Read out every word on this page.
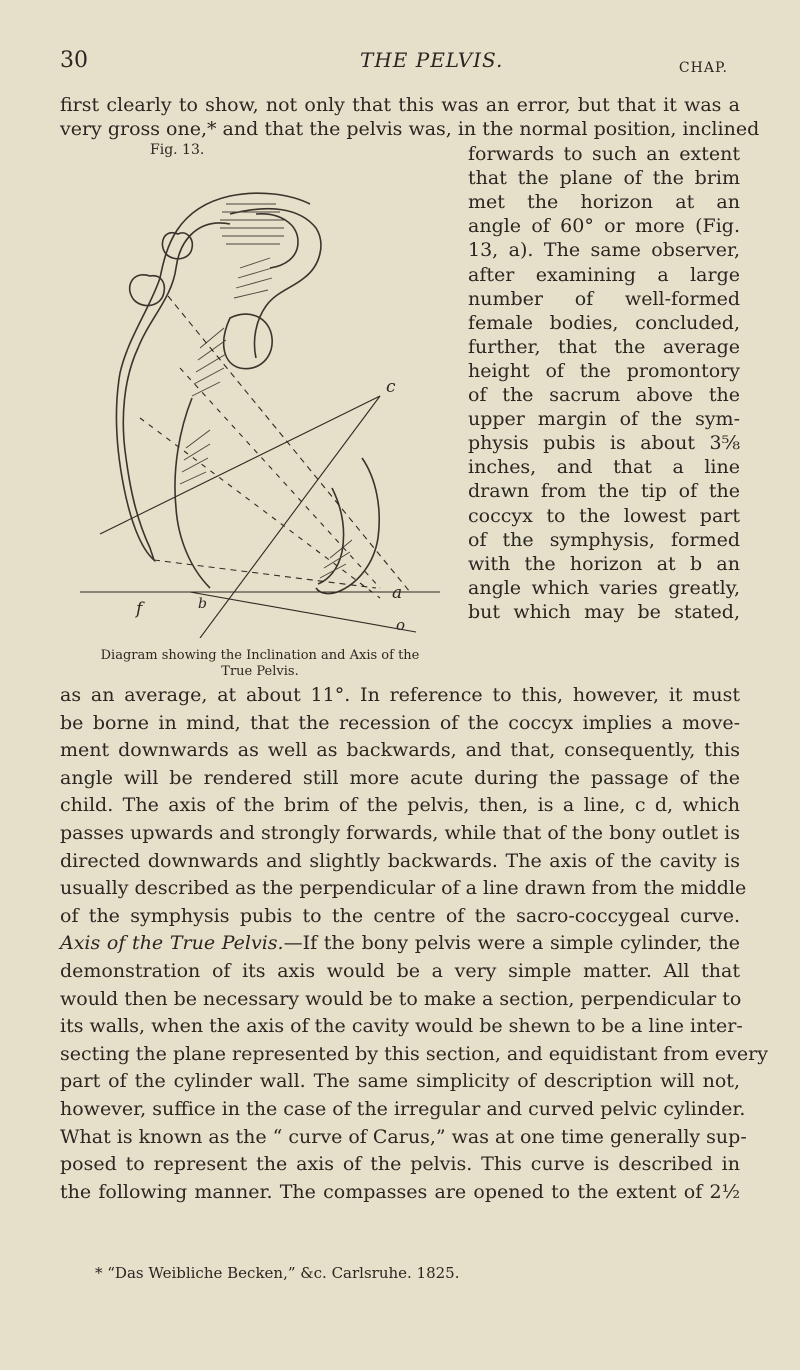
30	THE PELVIS.	CHAP.
first clearly to show, not only that this was an error, but that it was a
very gross one,* and that the pelvis was, in the normal position, inclined
Fig. 13.
c
a
f	b
o
Diagram showing the Inclination and Axis of the
True Pelvis.
forwards to such an extent
that the plane of the brim
met the horizon at an
angle of 60° or more (Fig.
13, a). The same observer,
after examining a large
number of well-formed
female bodies, concluded,
further, that the average
height of the promontory
of the sacrum above the
upper margin of the sym-
physis pubis is about 3⅝
inches, and that a line
drawn from the tip of the
coccyx to the lowest part
of the symphysis, formed
with the horizon at b an
angle which varies greatly,
but which may be stated,
as an average, at about 11°. In reference to this, however, it must
be borne in mind, that the recession of the coccyx implies a move-
ment downwards as well as backwards, and that, consequently, this
angle will be rendered still more acute during the passage of the
child. The axis of the brim of the pelvis, then, is a line, c d, which
passes upwards and strongly forwards, while that of the bony outlet is
directed downwards and slightly backwards. The axis of the cavity is
usually described as the perpendicular of a line drawn from the middle
of the symphysis pubis to the centre of the sacro-coccygeal curve.
Axis of the True Pelvis.—If the bony pelvis were a simple cylinder, the
demonstration of its axis would be a very simple matter. All that
would then be necessary would be to make a section, perpendicular to
its walls, when the axis of the cavity would be shewn to be a line inter-
secting the plane represented by this section, and equidistant from every
part of the cylinder wall. The same simplicity of description will not,
however, suffice in the case of the irregular and curved pelvic cylinder.
What is known as the “ curve of Carus,” was at one time generally sup-
posed to represent the axis of the pelvis. This curve is described in
the following manner. The compasses are opened to the extent of 2½
* “Das Weibliche Becken,” &c. Carlsruhe. 1825.
